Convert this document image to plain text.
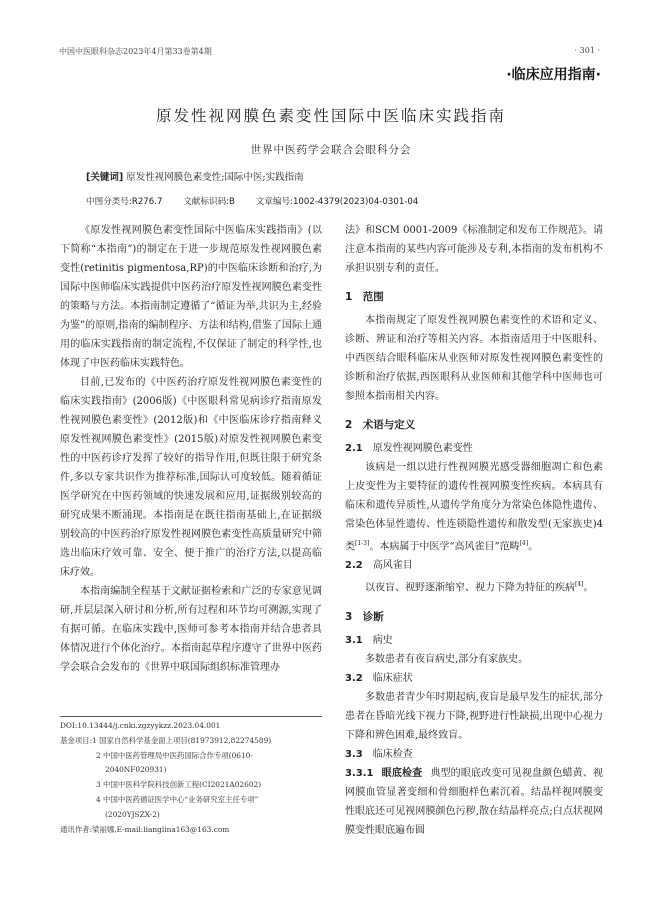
中国中医眼科杂志2023年4月第33卷第4期	· 301 ·
·临床应用指南·
原发性视网膜色素变性国际中医临床实践指南
世界中医药学会联合会眼科分会
[关键词] 原发性视网膜色素变性;国际中医;实践指南
中图分类号:R276.7 文献标识码:B 文章编号:1002-4379(2023)04-0301-04

《原发性视网膜色素变性国际中医临床实践指南》(以下简称“本指南”)的制定在于进一步规范原发性视网膜色素变性(retinitis pigmentosa,RP)的中医临床诊断和治疗,为国际中医师临床实践提供中医药治疗原发性视网膜色素变性的策略与方法。本指南制定遵循了“循证为举,共识为主,经验为鉴”的原则,指南的编制程序、方法和结构,借鉴了国际上通用的临床实践指南的制定流程,不仅保证了制定的科学性,也体现了中医药临床实践特色。

目前,已发布的《中医药治疗原发性视网膜色素变性的临床实践指南》(2006版)《中医眼科常见病诊疗指南原发性视网膜色素变性》(2012版)和《中医临床诊疗指南释义原发性视网膜色素变性》(2015版)对原发性视网膜色素变性的中医药诊疗发挥了较好的指导作用,但既往限于研究条件,多以专家共识作为推荐标准,国际认可度较低。随着循证医学研究在中医药领域的快速发展和应用,证据级别较高的研究成果不断涌现。本指南是在既往指南基础上,在证据级别较高的中医药治疗原发性视网膜色素变性高质量研究中筛选出临床疗效可靠、安全、便于推广的治疗方法,以提高临床疗效。

本指南编制全程基于文献证据检索和广泛的专家意见调研,并层层深入研讨和分析,所有过程和环节均可溯源,实现了有据可循。在临床实践中,医师可参考本指南并结合患者具体情况进行个体化治疗。本指南起草程序遵守了世界中医药学会联合会发布的《世界中联国际组织标准管理办

DOI:10.13444/j.cnki.zgzyykzz.2023.04.001
基金项目:1 国家自然科学基金面上项目(81973912,82274589)
2 中国中医药管理局中医药国际合作专项(0610-
2040NF020931)
3 中国中医科学院科技创新工程(CI2021A02602)
4 中国中医药循证医学中心“业务研究室主任专项”
(2020YJSZX-2)
通讯作者:梁丽娜,E-mail:lianglina163@163.com

法》和SCM 0001-2009《标准制定和发布工作规范》。请注意本指南的某些内容可能涉及专利,本指南的发布机构不承担识别专利的责任。

1　范围

本指南规定了原发性视网膜色素变性的术语和定义、诊断、辨证和治疗等相关内容。本指南适用于中医眼科、中西医结合眼科临床从业医师对原发性视网膜色素变性的诊断和治疗依据,西医眼科从业医师和其他学科中医师也可参照本指南相关内容。

2　术语与定义
2.1 原发性视网膜色素变性

该病是一组以进行性视网膜光感受器细胞凋亡和色素上皮变性为主要特征的遗传性视网膜变性疾病。本病具有临床和遗传异质性,从遗传学角度分为常染色体隐性遗传、常染色体显性遗传、性连锁隐性遗传和散发型(无家族史)4类[1-3]。本病属于中医学“高风雀目”范畴[4]。

2.2 高风雀目

以夜盲、视野逐渐缩窄、视力下降为特征的疾病[4]。

3　诊断
3.1 病史

多数患者有夜盲病史,部分有家族史。

3.2 临床症状

多数患者青少年时期起病,夜盲是最早发生的症状,部分患者在昏暗光线下视力下降,视野进行性缺损,出现中心视力下降和辨色困难,最终致盲。

3.3 临床检查

3.3.1 眼底检查 典型的眼底改变可见视盘颜色蜡黄、视网膜血管显著变细和骨细胞样色素沉着。结晶样视网膜变性眼底还可见视网膜颜色污秽,散在结晶样亮点;白点状视网膜变性眼底遍布圆
